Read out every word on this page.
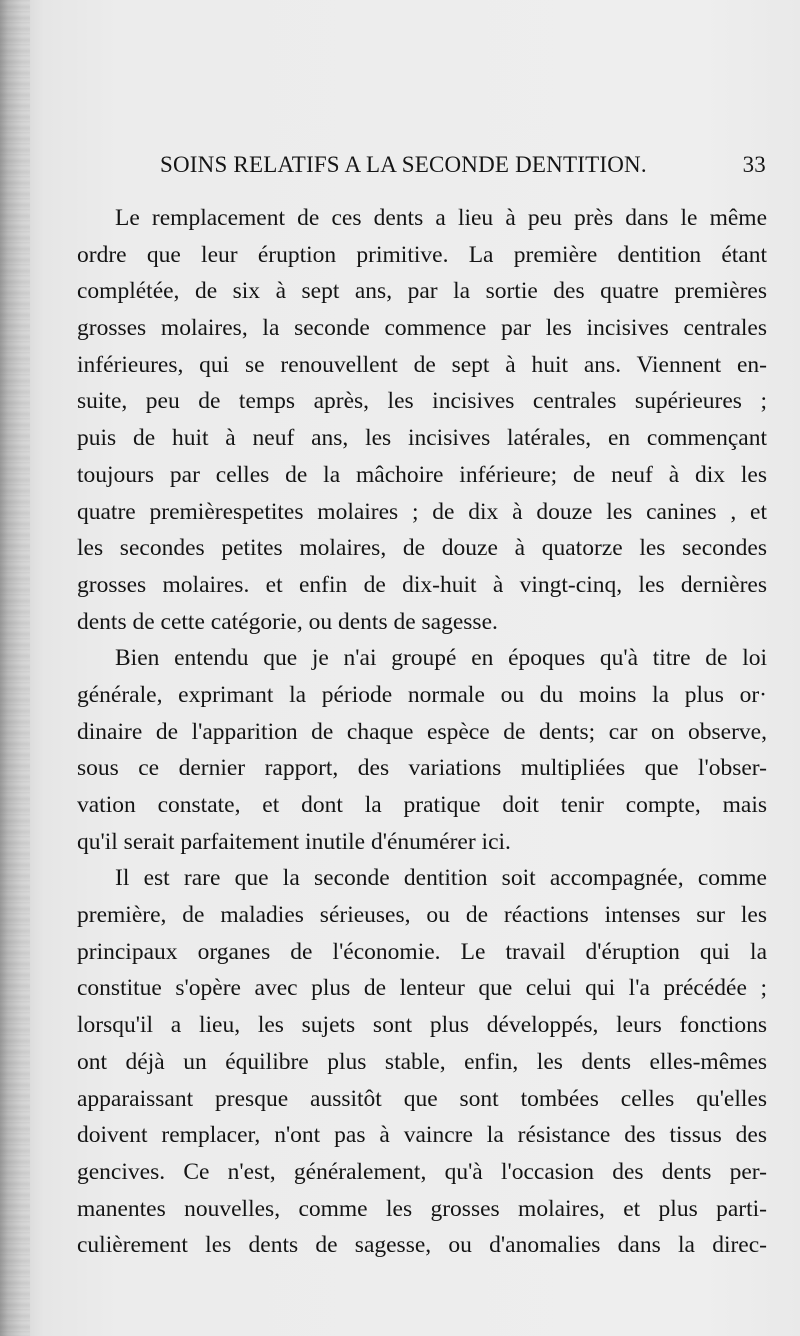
SOINS RELATIFS A LA SECONDE DENTITION.	33
Le remplacement de ces dents a lieu à peu près dans le même
ordre que leur éruption primitive. La première dentition étant
complétée, de six à sept ans, par la sortie des quatre premières
grosses molaires, la seconde commence par les incisives centrales
inférieures, qui se renouvellent de sept à huit ans. Viennent en-
suite, peu de temps après, les incisives centrales supérieures ;
puis de huit à neuf ans, les incisives latérales, en commençant
toujours par celles de la mâchoire inférieure; de neuf à dix les
quatre premièrespetites molaires ; de dix à douze les canines , et
les secondes petites molaires, de douze à quatorze les secondes
grosses molaires. et enfin de dix-huit à vingt-cinq, les dernières
dents de cette catégorie, ou dents de sagesse.
Bien entendu que je n'ai groupé en époques qu'à titre de loi
générale, exprimant la période normale ou du moins la plus or·
dinaire de l'apparition de chaque espèce de dents; car on observe,
sous ce dernier rapport, des variations multipliées que l'obser-
vation constate, et dont la pratique doit tenir compte, mais
qu'il serait parfaitement inutile d'énumérer ici.
Il est rare que la seconde dentition soit accompagnée, comme
première, de maladies sérieuses, ou de réactions intenses sur les
principaux organes de l'économie. Le travail d'éruption qui la
constitue s'opère avec plus de lenteur que celui qui l'a précédée ;
lorsqu'il a lieu, les sujets sont plus développés, leurs fonctions
ont déjà un équilibre plus stable, enfin, les dents elles-mêmes
apparaissant presque aussitôt que sont tombées celles qu'elles
doivent remplacer, n'ont pas à vaincre la résistance des tissus des
gencives. Ce n'est, généralement, qu'à l'occasion des dents per-
manentes nouvelles, comme les grosses molaires, et plus parti-
culièrement les dents de sagesse, ou d'anomalies dans la direc-
